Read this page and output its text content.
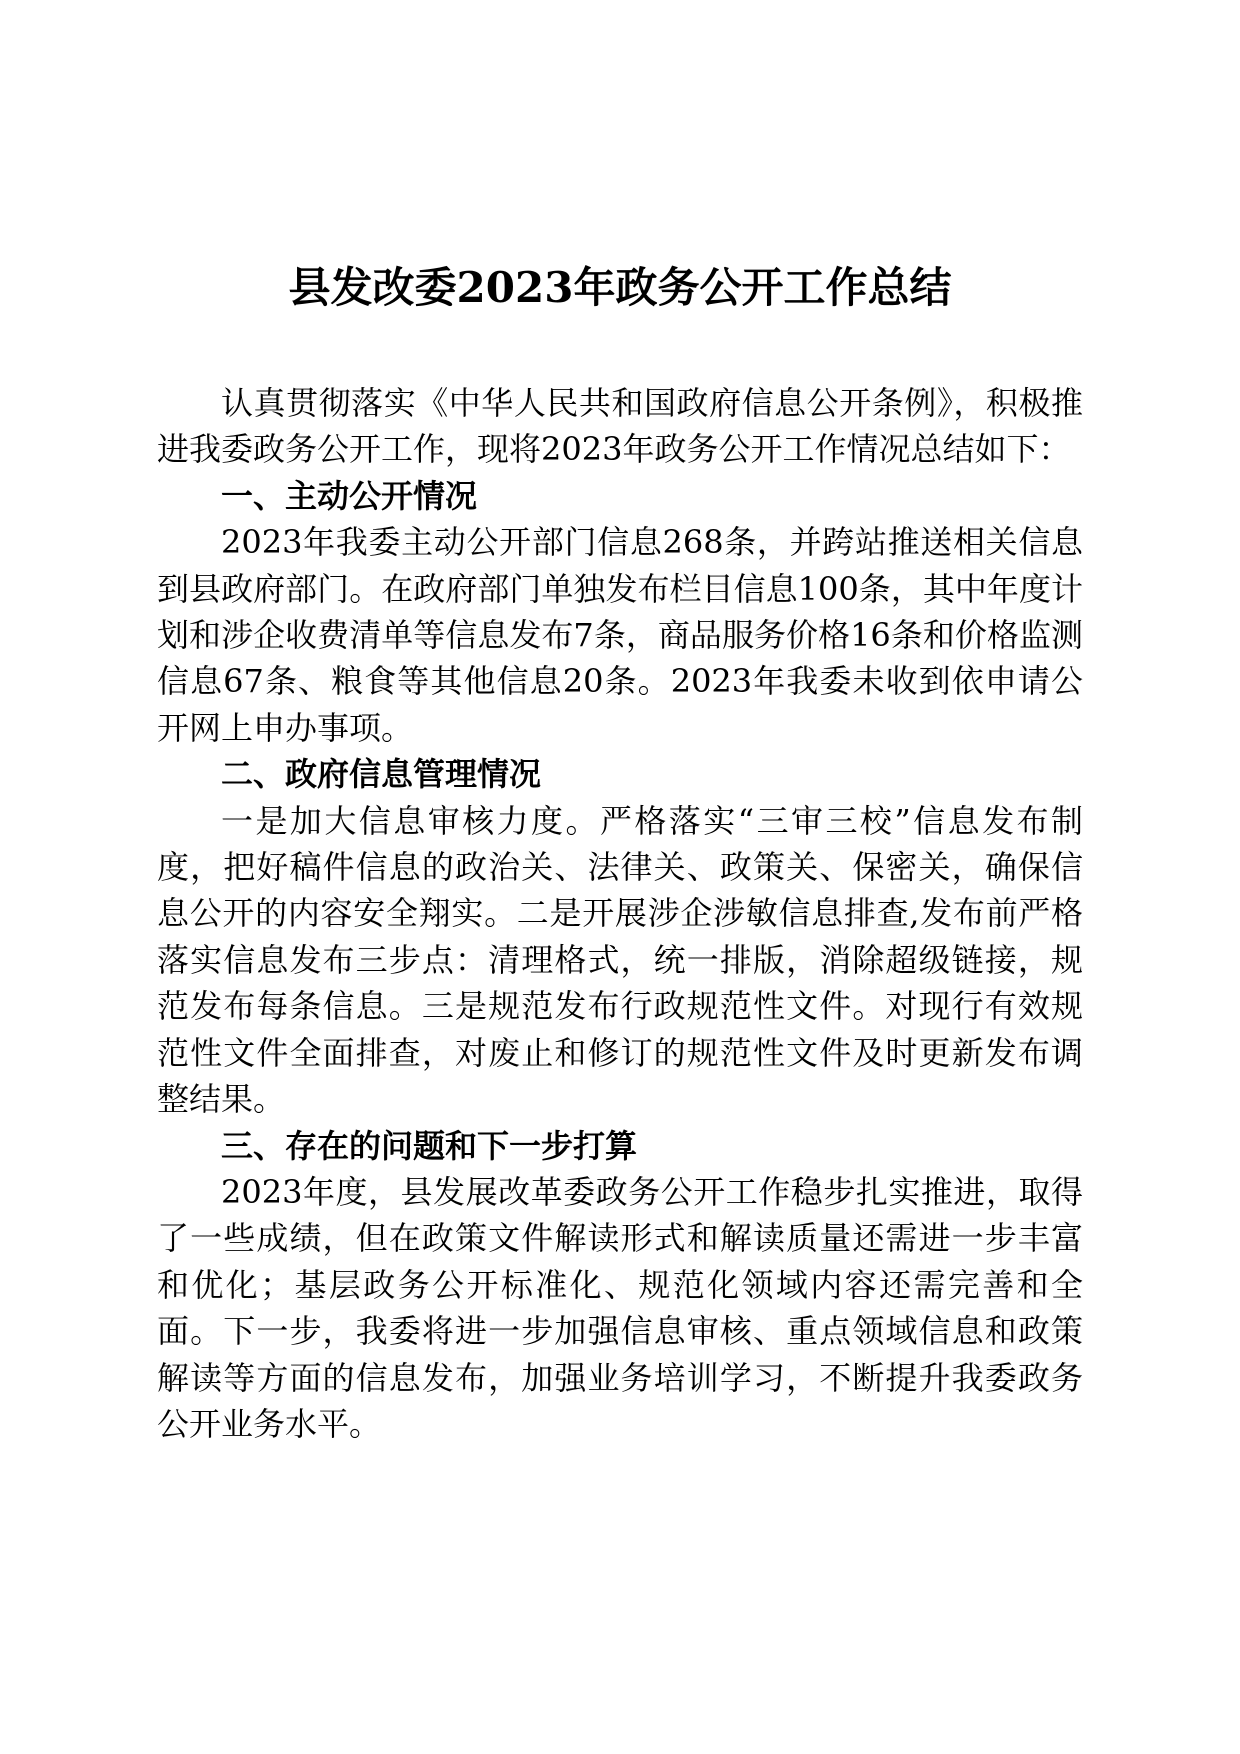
县发改委2023年政务公开工作总结

认真贯彻落实《中华人民共和国政府信息公开条例》，积极推进我委政务公开工作，现将2023年政务公开工作情况总结如下：

一、主动公开情况

2023年我委主动公开部门信息268条，并跨站推送相关信息到县政府部门。在政府部门单独发布栏目信息100条，其中年度计划和涉企收费清单等信息发布7条，商品服务价格16条和价格监测信息67条、粮食等其他信息20条。2023年我委未收到依申请公开网上申办事项。

二、政府信息管理情况

一是加大信息审核力度。严格落实“三审三校”信息发布制度，把好稿件信息的政治关、法律关、政策关、保密关，确保信息公开的内容安全翔实。二是开展涉企涉敏信息排查,发布前严格落实信息发布三步点：清理格式，统一排版，消除超级链接，规范发布每条信息。三是规范发布行政规范性文件。对现行有效规范性文件全面排查，对废止和修订的规范性文件及时更新发布调整结果。

三、存在的问题和下一步打算

2023年度，县发展改革委政务公开工作稳步扎实推进，取得了一些成绩，但在政策文件解读形式和解读质量还需进一步丰富和优化；基层政务公开标准化、规范化领域内容还需完善和全面。下一步，我委将进一步加强信息审核、重点领域信息和政策解读等方面的信息发布，加强业务培训学习，不断提升我委政务公开业务水平。
